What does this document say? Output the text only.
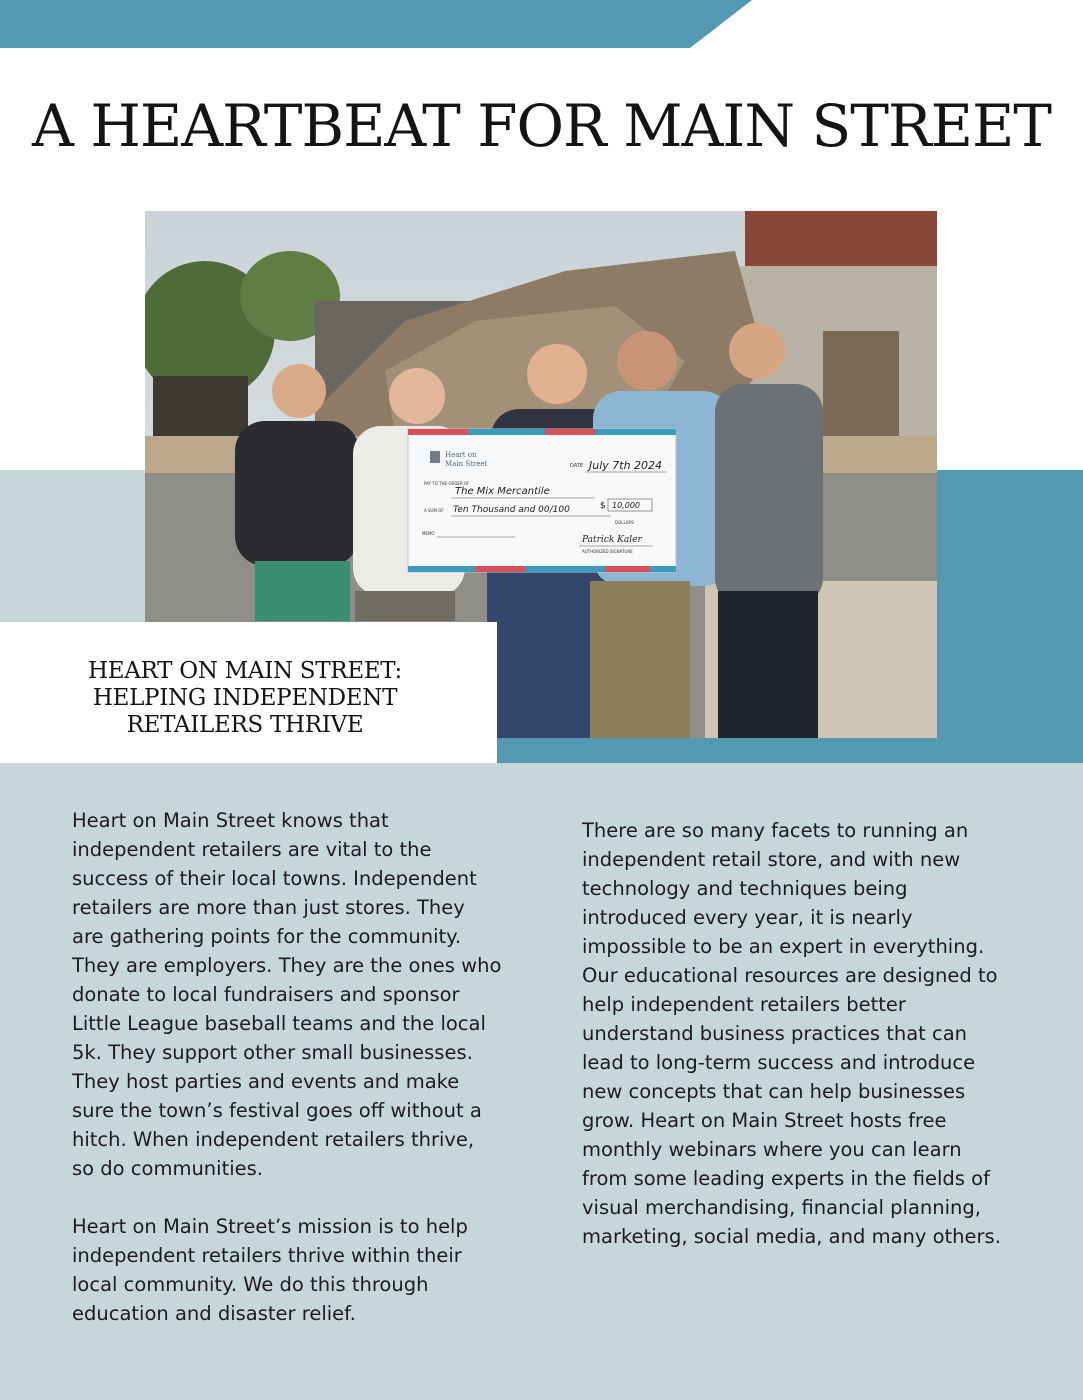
A HEARTBEAT FOR MAIN STREET
Heart on
Main Street	DATE July 7th 2024
PAY TO THE ORDER OF
The Mix Mercantile
$ 10,000
A SUM OF Ten Thousand and 00/100
DOLLARS
MEMO
Patrick Kaler
AUTHORIZED SIGNATURE
HEART ON MAIN STREET: HELPING INDEPENDENT RETAILERS THRIVE

Heart on Main Street knows that independent retailers are vital to the success of their local towns. Independent retailers are more than just stores. They are gathering points for the community. They are employers. They are the ones who donate to local fundraisers and sponsor Little League baseball teams and the local 5k. They support other small businesses. They host parties and events and make sure the town’s festival goes off without a hitch. When independent retailers thrive, so do communities.

Heart on Main Street’s mission is to help independent retailers thrive within their local community. We do this through education and disaster relief.

There are so many facets to running an independent retail store, and with new technology and techniques being introduced every year, it is nearly impossible to be an expert in everything. Our educational resources are designed to help independent retailers better understand business practices that can lead to long-term success and introduce new concepts that can help businesses grow. Heart on Main Street hosts free monthly webinars where you can learn from some leading experts in the fields of visual merchandising, financial planning, marketing, social media, and many others.
